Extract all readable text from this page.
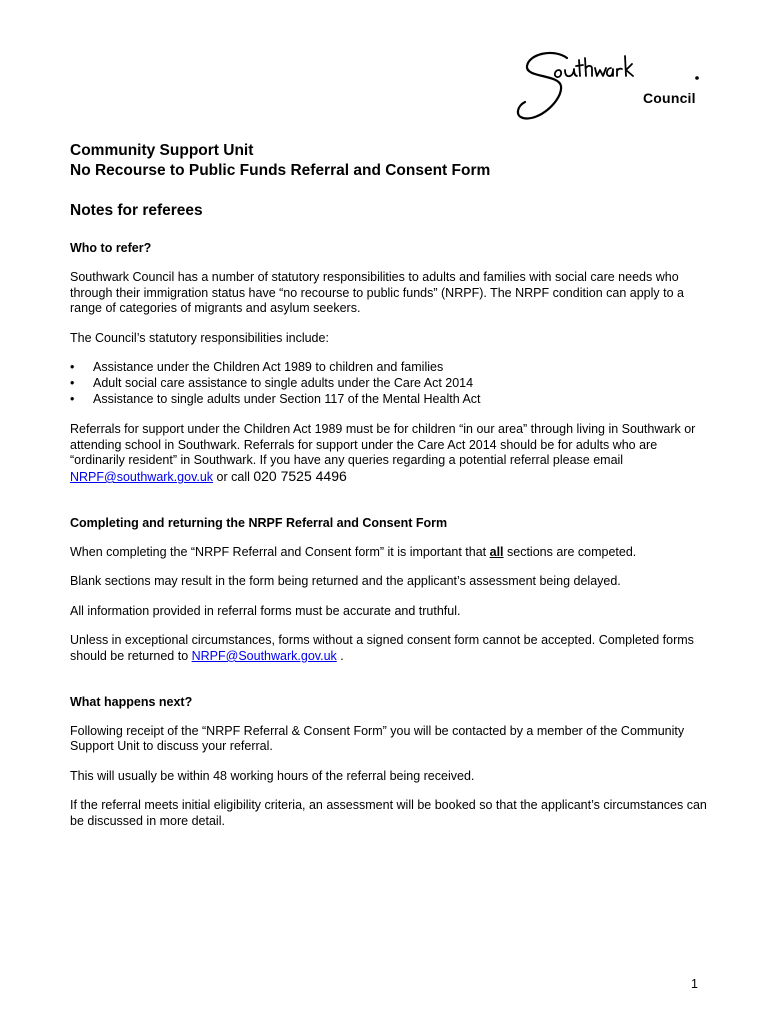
Council
Community Support Unit
No Recourse to Public Funds Referral and Consent Form
Notes for referees
Who to refer?

Southwark Council has a number of statutory responsibilities to adults and families with social care needs who through their immigration status have “no recourse to public funds” (NRPF). The NRPF condition can apply to a range of categories of migrants and asylum seekers.

The Council’s statutory responsibilities include:

• Assistance under the Children Act 1989 to children and families
• Adult social care assistance to single adults under the Care Act 2014
• Assistance to single adults under Section 117 of the Mental Health Act

Referrals for support under the Children Act 1989 must be for children “in our area” through living in Southwark or attending school in Southwark. Referrals for support under the Care Act 2014 should be for adults who are “ordinarily resident” in Southwark. If you have any queries regarding a potential referral please email NRPF@southwark.gov.uk or call 020 7525 4496

Completing and returning the NRPF Referral and Consent Form

When completing the “NRPF Referral and Consent form” it is important that all sections are competed.

Blank sections may result in the form being returned and the applicant’s assessment being delayed.

All information provided in referral forms must be accurate and truthful.

Unless in exceptional circumstances, forms without a signed consent form cannot be accepted. Completed forms should be returned to NRPF@Southwark.gov.uk .

What happens next?

Following receipt of the “NRPF Referral & Consent Form” you will be contacted by a member of the Community Support Unit to discuss your referral.

This will usually be within 48 working hours of the referral being received.

If the referral meets initial eligibility criteria, an assessment will be booked so that the applicant’s circumstances can be discussed in more detail.

1
